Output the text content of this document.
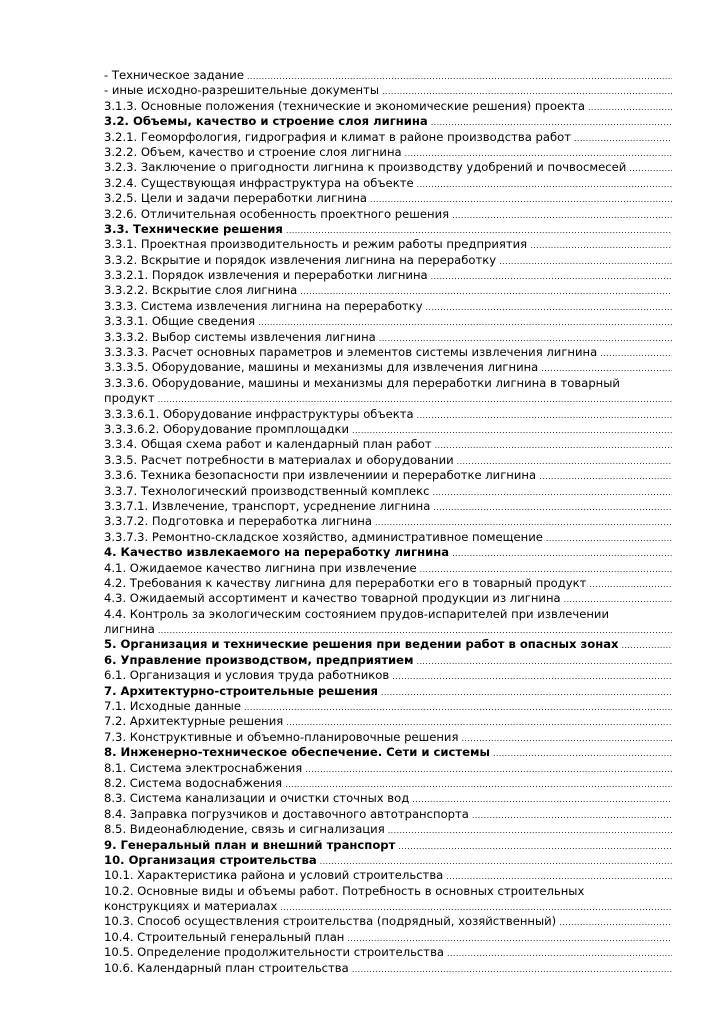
- Техническое задание
.....
- иные исходно-разрешительные документы
.....
3.1.3. Основные положения (технические и экономические решения) проекта
.....
3.2. Объемы, качество и строение слоя лигнина
.....
3.2.1. Геоморфология, гидрография и климат в районе производства работ
.....
3.2.2. Объем, качество и строение слоя лигнина
.....
3.2.3. Заключение о пригодности лигнина к производству удобрений и почвосмесей
.....
3.2.4. Существующая инфраструктура на объекте
.....
3.2.5. Цели и задачи переработки лигнина
.....
3.2.6. Отличительная особенность проектного решения
.....
3.3. Технические решения
.....
3.3.1. Проектная производительность и режим работы предприятия
.....
3.3.2. Вскрытие и порядок извлечения лигнина на переработку
.....
3.3.2.1. Порядок извлечения и переработки лигнина
.....
3.3.2.2. Вскрытие слоя лигнина
.....
3.3.3. Система извлечения лигнина на переработку
.....
3.3.3.1. Общие сведения
.....
3.3.3.2. Выбор системы извлечения лигнина
.....
3.3.3.3. Расчет основных параметров и элементов системы извлечения лигнина
.....
3.3.3.5. Оборудование, машины и механизмы для извлечения лигнина
.....
3.3.3.6. Оборудование, машины и механизмы для переработки лигнина в товарный
продукт
.....
3.3.3.6.1. Оборудование инфраструктуры объекта
.....
3.3.3.6.2. Оборудование промплощадки
.....
3.3.4. Общая схема работ и календарный план работ
.....
3.3.5. Расчет потребности в материалах и оборудовании
.....
3.3.6. Техника безопасности при извлечениии и переработке лигнина
.....
3.3.7. Технологический производственный комплекс
.....
3.3.7.1. Извлечение, транспорт, усреднение лигнина
.....
3.3.7.2. Подготовка и переработка лигнина
.....
3.3.7.3. Ремонтно-складское хозяйство, административное помещение
.....
4. Качество извлекаемого на переработку лигнина
.....
4.1. Ожидаемое качество лигнина при извлечение
.....
4.2. Требования к качеству лигнина для переработки его в товарный продукт
.....
4.3. Ожидаемый ассортимент и качество товарной продукции из лигнина
.....
4.4. Контроль за экологическим состоянием прудов-испарителей при извлечении
лигнина
.....
5. Организация и технические решения при ведении работ в опасных зонах
.....
6. Управление производством, предприятием
.....
6.1. Организация и условия труда работников
.....
7. Архитектурно-строительные решения
.....
7.1. Исходные данные
.....
7.2. Архитектурные решения
.....
7.3. Конструктивные и объемно-планировочные решения
.....
8. Инженерно-техническое обеспечение. Сети и системы
.....
8.1. Система электроснабжения
.....
8.2. Система водоснабжения
.....
8.3. Система канализации и очистки сточных вод
.....
8.4. Заправка погрузчиков и доставочного автотранспорта
.....
8.5. Видеонаблюдение, связь и сигнализация
.....
9. Генеральный план и внешний транспорт
.....
10. Организация строительства
.....
10.1. Характеристика района и условий строительства
.....
10.2. Основные виды и объемы работ. Потребность в основных строительных
конструкциях и материалах
.....
10.3. Способ осуществления строительства (подрядный, хозяйственный)
.....
10.4. Строительный генеральный план
.....
10.5. Определение продолжительности строительства
.....
10.6. Календарный план строительства
.....
